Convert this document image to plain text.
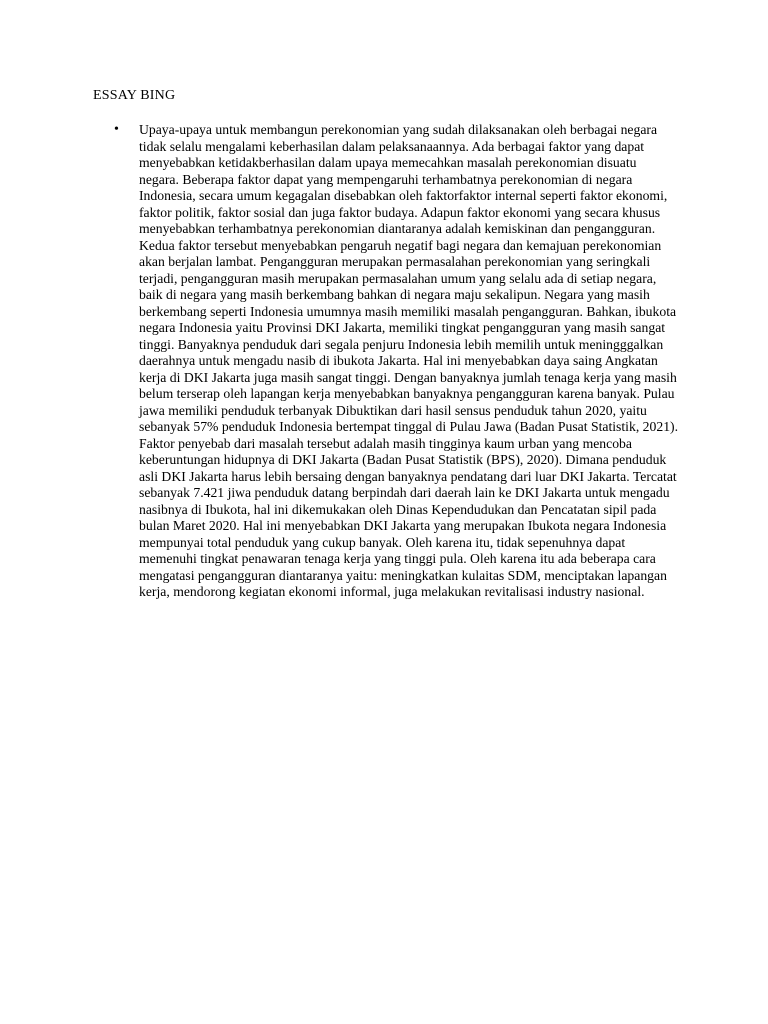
ESSAY BING
• Upaya-upaya untuk membangun perekonomian yang sudah dilaksanakan oleh berbagai negara tidak selalu mengalami keberhasilan dalam pelaksanaannya. Ada berbagai faktor yang dapat menyebabkan ketidakberhasilan dalam upaya memecahkan masalah perekonomian disuatu negara. Beberapa faktor dapat yang mempengaruhi terhambatnya perekonomian di negara Indonesia, secara umum kegagalan disebabkan oleh faktorfaktor internal seperti faktor ekonomi, faktor politik, faktor sosial dan juga faktor budaya. Adapun faktor ekonomi yang secara khusus menyebabkan terhambatnya perekonomian diantaranya adalah kemiskinan dan pengangguran. Kedua faktor tersebut menyebabkan pengaruh negatif bagi negara dan kemajuan perekonomian akan berjalan lambat. Pengangguran merupakan permasalahan perekonomian yang seringkali terjadi, pengangguran masih merupakan permasalahan umum yang selalu ada di setiap negara, baik di negara yang masih berkembang bahkan di negara maju sekalipun. Negara yang masih berkembang seperti Indonesia umumnya masih memiliki masalah pengangguran. Bahkan, ibukota negara Indonesia yaitu Provinsi DKI Jakarta, memiliki tingkat pengangguran yang masih sangat tinggi. Banyaknya penduduk dari segala penjuru Indonesia lebih memilih untuk meningggalkan daerahnya untuk mengadu nasib di ibukota Jakarta. Hal ini menyebabkan daya saing Angkatan kerja di DKI Jakarta juga masih sangat tinggi. Dengan banyaknya jumlah tenaga kerja yang masih belum terserap oleh lapangan kerja menyebabkan banyaknya pengangguran karena banyak. Pulau jawa memiliki penduduk terbanyak Dibuktikan dari hasil sensus penduduk tahun 2020, yaitu sebanyak 57% penduduk Indonesia bertempat tinggal di Pulau Jawa (Badan Pusat Statistik, 2021). Faktor penyebab dari masalah tersebut adalah masih tingginya kaum urban yang mencoba keberuntungan hidupnya di DKI Jakarta (Badan Pusat Statistik (BPS), 2020). Dimana penduduk asli DKI Jakarta harus lebih bersaing dengan banyaknya pendatang dari luar DKI Jakarta. Tercatat sebanyak 7.421 jiwa penduduk datang berpindah dari daerah lain ke DKI Jakarta untuk mengadu nasibnya di Ibukota, hal ini dikemukakan oleh Dinas Kependudukan dan Pencatatan sipil pada bulan Maret 2020. Hal ini menyebabkan DKI Jakarta yang merupakan Ibukota negara Indonesia mempunyai total penduduk yang cukup banyak. Oleh karena itu, tidak sepenuhnya dapat memenuhi tingkat penawaran tenaga kerja yang tinggi pula. Oleh karena itu ada beberapa cara mengatasi pengangguran diantaranya yaitu: meningkatkan kulaitas SDM, menciptakan lapangan kerja, mendorong kegiatan ekonomi informal, juga melakukan revitalisasi industry nasional.
